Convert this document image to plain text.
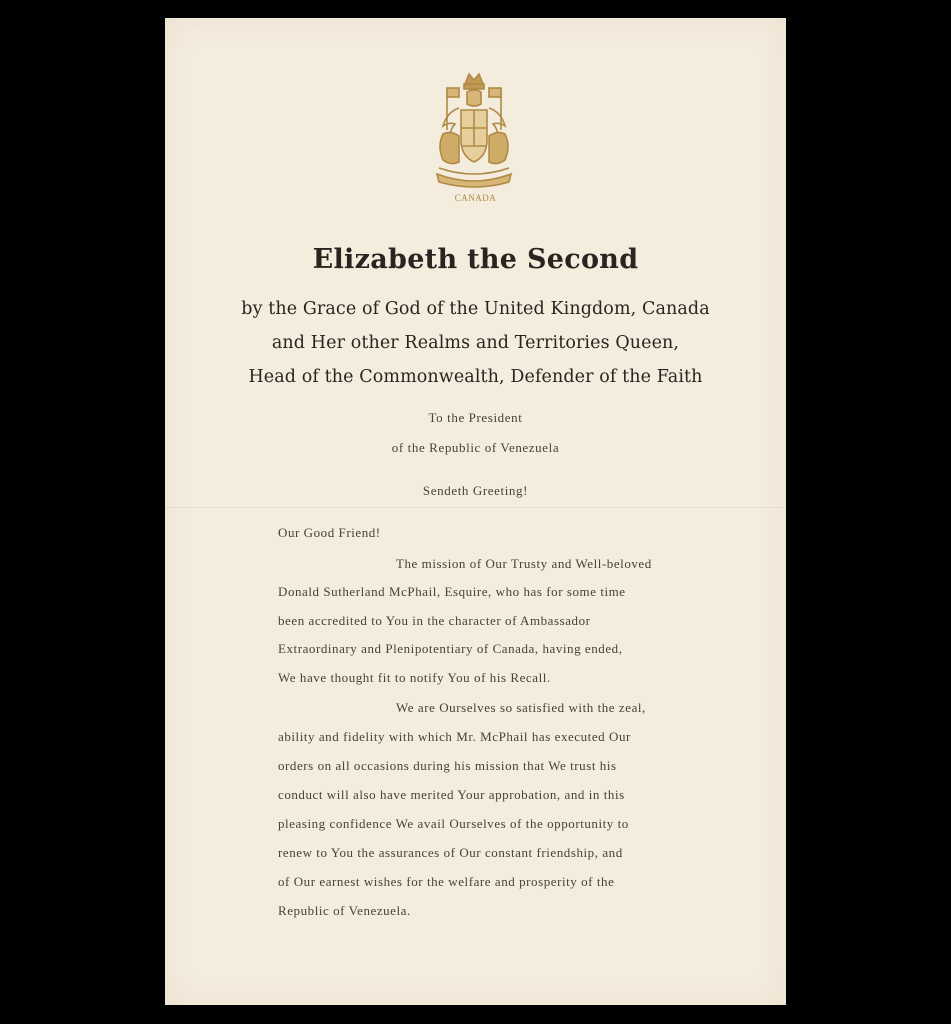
CANADA
Elizabeth the Second
by the Grace of God of the United Kingdom, Canada
and Her other Realms and Territories Queen,
Head of the Commonwealth, Defender of the Faith
To the President
of the Republic of Venezuela
Sendeth Greeting!
Our Good Friend!
The mission of Our Trusty and Well-beloved
Donald Sutherland McPhail, Esquire, who has for some time
been accredited to You in the character of Ambassador
Extraordinary and Plenipotentiary of Canada, having ended,
We have thought fit to notify You of his Recall.
We are Ourselves so satisfied with the zeal,
ability and fidelity with which Mr. McPhail has executed Our
orders on all occasions during his mission that We trust his
conduct will also have merited Your approbation, and in this
pleasing confidence We avail Ourselves of the opportunity to
renew to You the assurances of Our constant friendship, and
of Our earnest wishes for the welfare and prosperity of the
Republic of Venezuela.
